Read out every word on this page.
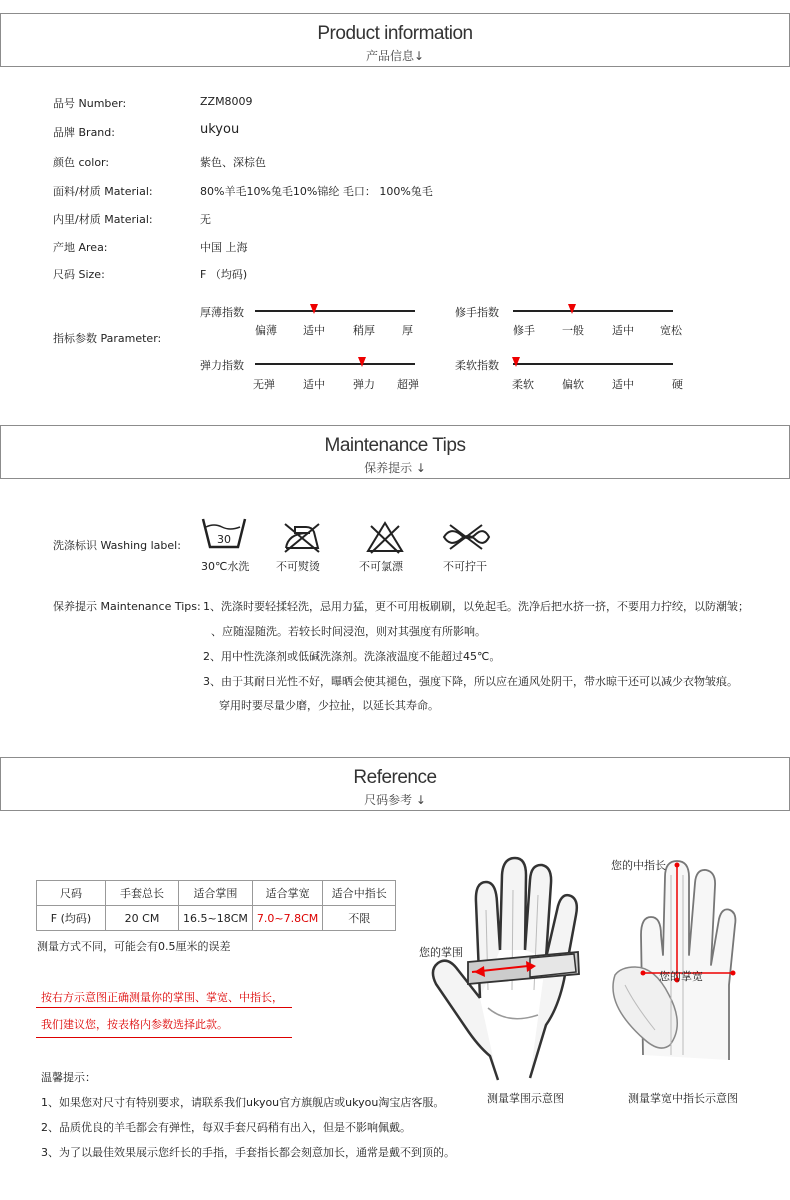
Product information
产品信息↓
品号 Number:	ZZM8009
品牌 Brand:	ukyou
颜色 color:	紫色、深棕色
面料/材质 Material:	80%羊毛10%兔毛10%锦纶 毛口： 100%兔毛
内里/材质 Material:	无
产地 Area:	中国 上海
尺码 Size:	F （均码)
指标参数 Parameter:
厚薄指数
偏薄 适中	稍厚 厚
修手指数
修手 一般	适中 宽松
弹力指数
无弹	适中	弹力 超弹
柔软指数
柔软	偏软	适中	硬
Maintenance Tips
保养提示 ↓
洗涤标识 Washing label:	30
30℃水洗 不可熨烫	不可氯漂	不可拧干
保养提示 Maintenance Tips: 1、洗涤时要轻揉轻洗，忌用力猛，更不可用板刷刷，以免起毛。洗净后把水挤一挤，不要用力拧绞，以防潮皱；
、应随湿随洗。若较长时间浸泡，则对其强度有所影响。
2、用中性洗涤剂或低碱洗涤剂。洗涤液温度不能超过45℃。
3、由于其耐日光性不好，曝晒会使其褪色，强度下降，所以应在通风处阴干，带水晾干还可以减少衣物皱痕。
穿用时要尽量少磨，少拉扯，以延长其寿命。
Reference
尺码参考 ↓
尺码	手套总长	适合掌围	适合掌宽	适合中指长
F (均码)	20 CM	16.5~18CM	7.0~7.8CM	不限
测量方式不同，可能会有0.5厘米的误差
按右方示意图正确测量你的掌围、掌宽、中指长，
我们建议您，按表格内参数选择此款。
温馨提示：
1、如果您对尺寸有特别要求，请联系我们ukyou官方旗舰店或ukyou淘宝店客服。
2、品质优良的羊毛都会有弹性，每双手套尺码稍有出入，但是不影响佩戴。
3、为了以最佳效果展示您纤长的手指，手套指长都会刻意加长，通常是戴不到顶的。
您的掌围
测量掌围示意图
您的中指长
您的掌宽
测量掌宽中指长示意图
